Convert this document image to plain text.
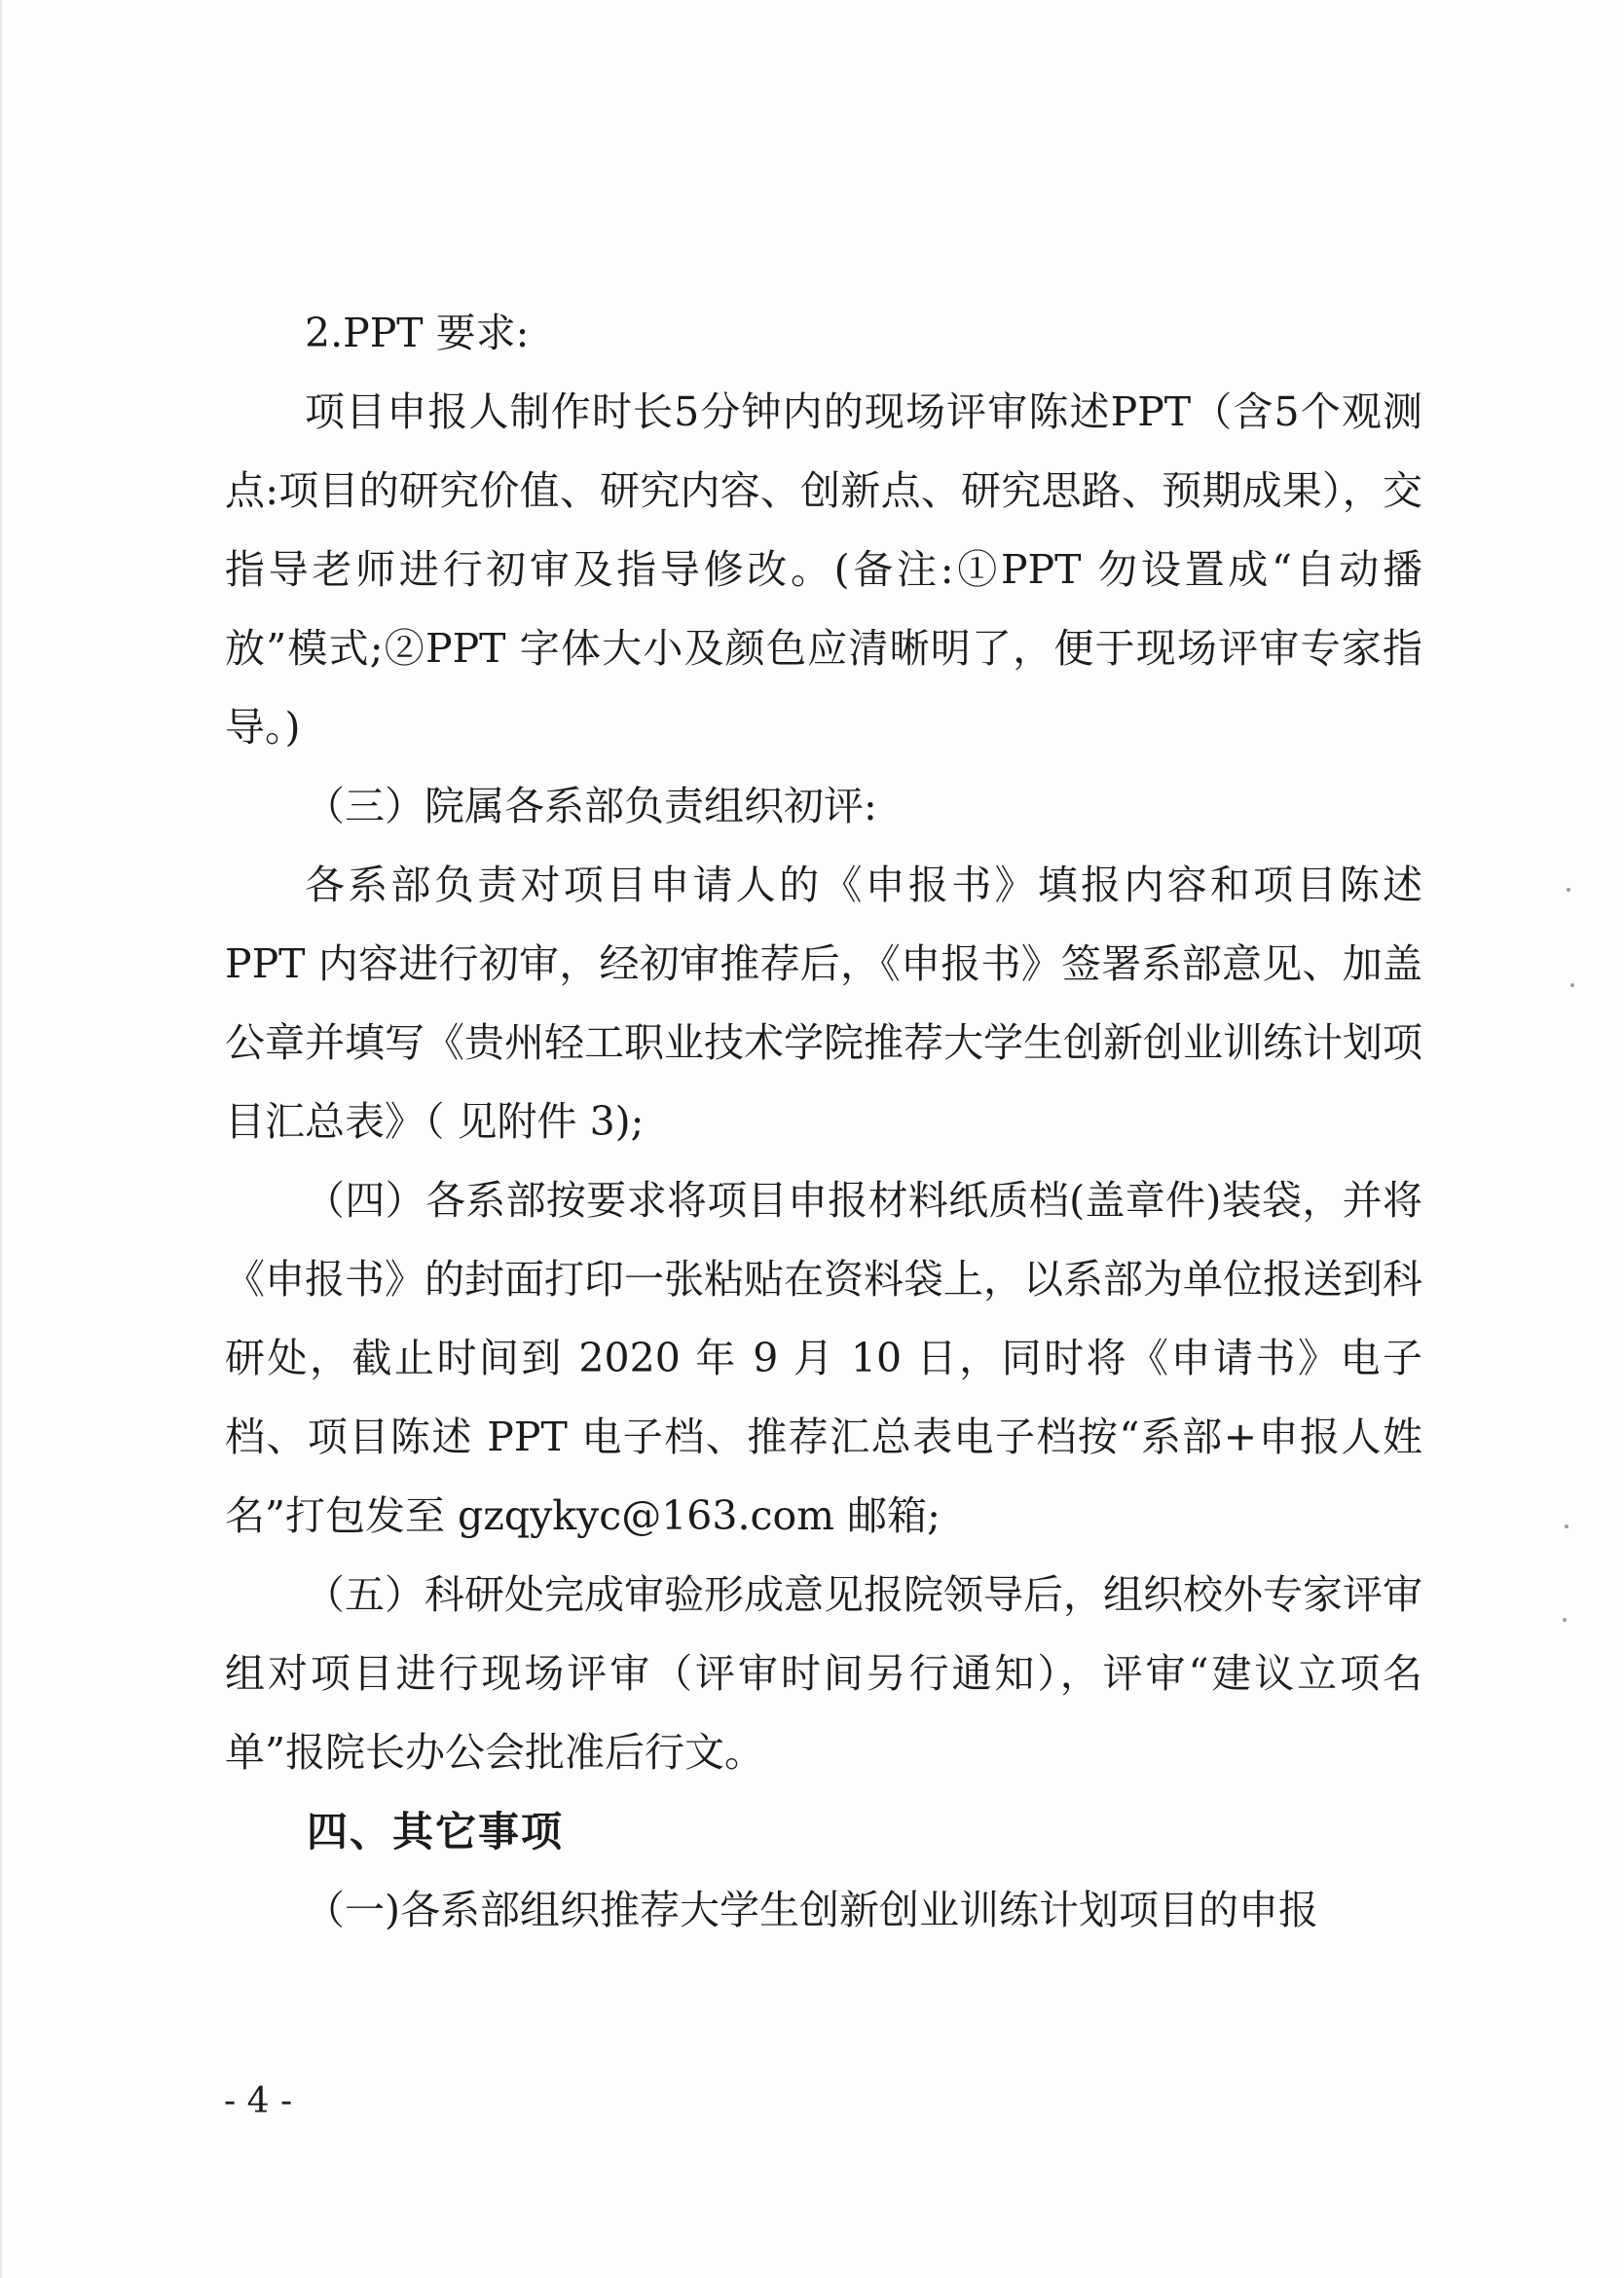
2.PPT 要求:

项目申报人制作时长5分钟内的现场评审陈述PPT（含5个观测点:项目的研究价值、研究内容、创新点、研究思路、预期成果），交指导老师进行初审及指导修改。(备注:①PPT 勿设置成“自动播放”模式;②PPT 字体大小及颜色应清晰明了，便于现场评审专家指导。)

（三）院属各系部负责组织初评:

各系部负责对项目申请人的《申报书》填报内容和项目陈述PPT 内容进行初审，经初审推荐后，《申报书》签署系部意见、加盖公章并填写《贵州轻工职业技术学院推荐大学生创新创业训练计划项目汇总表》（ 见附件 3);

（四）各系部按要求将项目申报材料纸质档(盖章件)装袋，并将《申报书》的封面打印一张粘贴在资料袋上，以系部为单位报送到科研处，截止时间到 2020 年 9 月 10 日，同时将《申请书》电子档、项目陈述 PPT 电子档、推荐汇总表电子档按“系部+申报人姓名”打包发至 gzqykyc@163.com 邮箱;

（五）科研处完成审验形成意见报院领导后，组织校外专家评审组对项目进行现场评审（评审时间另行通知），评审“建议立项名单”报院长办公会批准后行文。

四、其它事项

（一)各系部组织推荐大学生创新创业训练计划项目的申报

- 4 -
